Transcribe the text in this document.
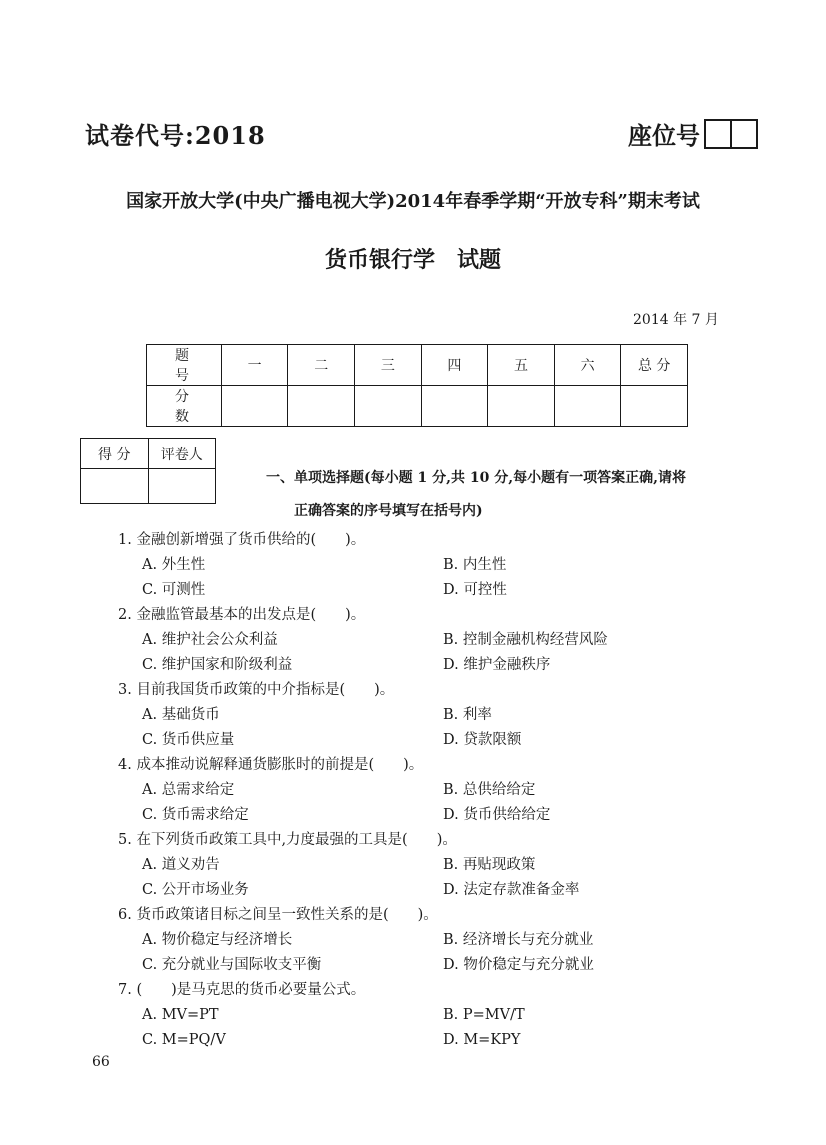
试卷代号:2018	座位号
国家开放大学(中央广播电视大学)2014年春季学期“开放专科”期末考试
货币银行学　试题
2014 年 7 月
题 号	一	二	三	四	五	六	总 分
分 数							
得 分	评卷人

一、单项选择题(每小题 1 分,共 10 分,每小题有一项答案正确,请将
正确答案的序号填写在括号内)
1. 金融创新增强了货币供给的(　　)。
A. 外生性	B. 内生性
C. 可测性	D. 可控性
2. 金融监管最基本的出发点是(　　)。
A. 维护社会公众利益	B. 控制金融机构经营风险
C. 维护国家和阶级利益	D. 维护金融秩序
3. 目前我国货币政策的中介指标是(　　)。
A. 基础货币	B. 利率
C. 货币供应量	D. 贷款限额
4. 成本推动说解释通货膨胀时的前提是(　　)。
A. 总需求给定	B. 总供给给定
C. 货币需求给定	D. 货币供给给定
5. 在下列货币政策工具中,力度最强的工具是(　　)。
A. 道义劝告	B. 再贴现政策
C. 公开市场业务	D. 法定存款准备金率
6. 货币政策诸目标之间呈一致性关系的是(　　)。
A. 物价稳定与经济增长	B. 经济增长与充分就业
C. 充分就业与国际收支平衡	D. 物价稳定与充分就业
7. (　　)是马克思的货币必要量公式。
A. MV=PT	B. P=MV/T
C. M=PQ/V	D. M=KPY
66
